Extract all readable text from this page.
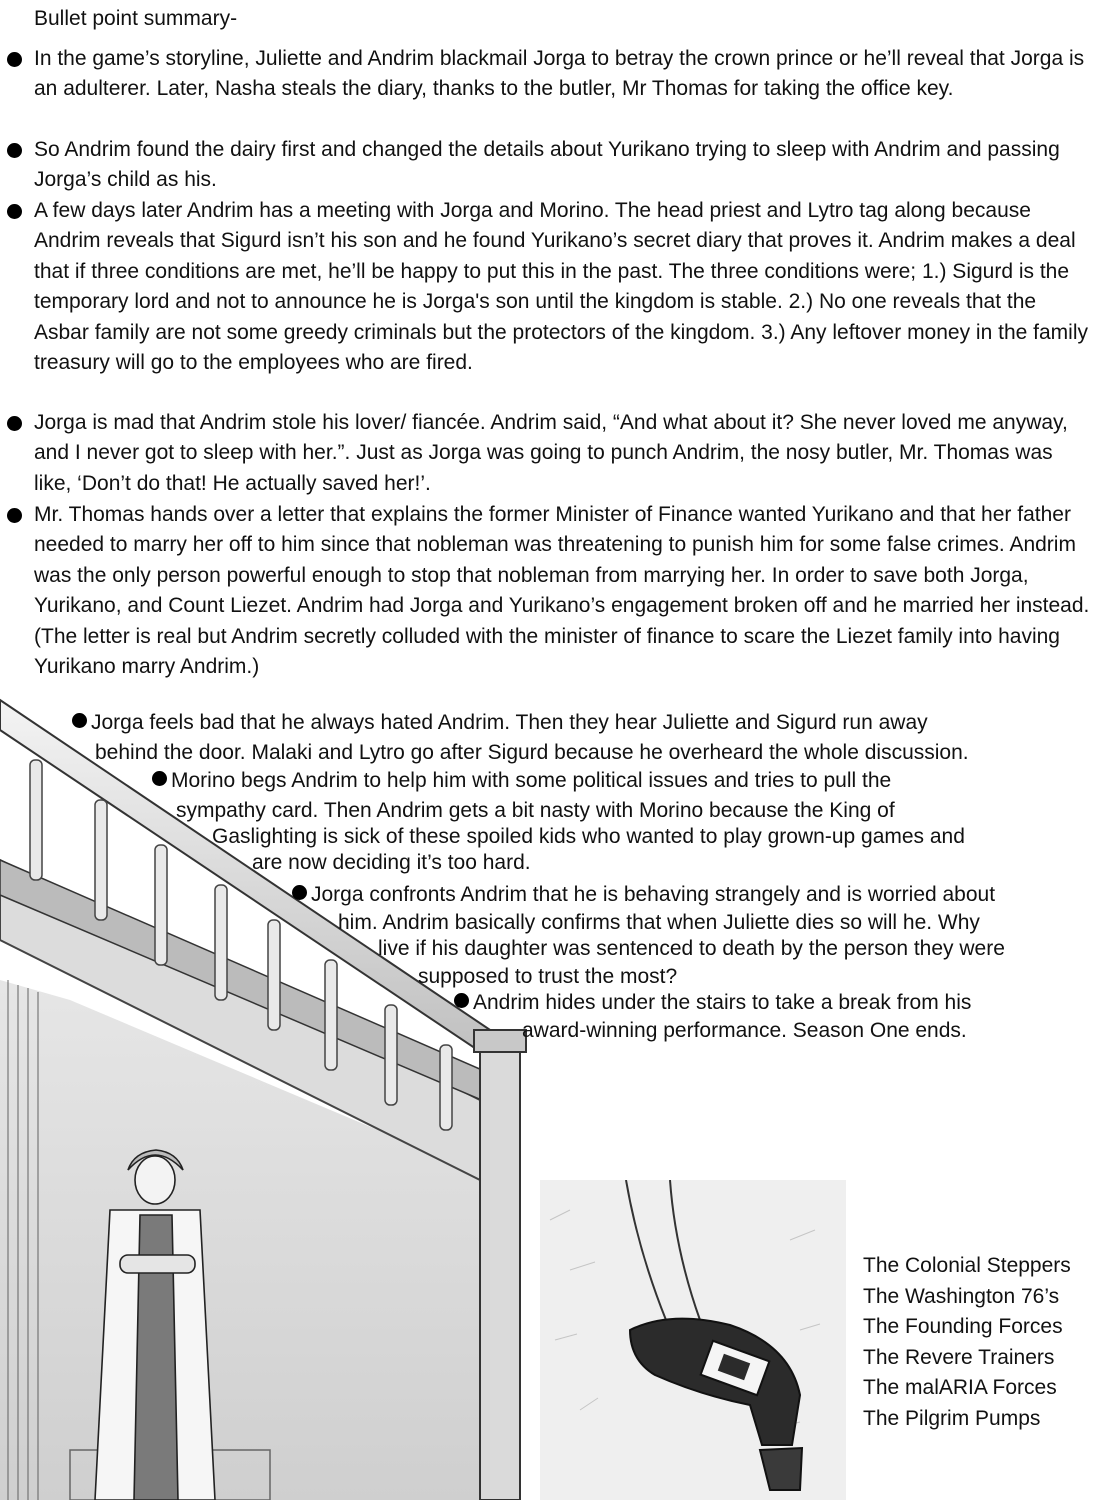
Bullet point summary-

In the game’s storyline, Juliette and Andrim blackmail Jorga to betray the crown prince or he’ll reveal that Jorga is an adulterer. Later, Nasha steals the diary, thanks to the butler, Mr Thomas for taking the office key.

So Andrim found the dairy first and changed the details about Yurikano trying to sleep with Andrim and passing Jorga’s child as his.

A few days later Andrim has a meeting with Jorga and Morino. The head priest and Lytro tag along because Andrim reveals that Sigurd isn’t his son and he found Yurikano’s secret diary that proves it. Andrim makes a deal that if three conditions are met, he’ll be happy to put this in the past. The three conditions were; 1.) Sigurd is the temporary lord and not to announce he is Jorga's son until the kingdom is stable. 2.) No one reveals that the Asbar family are not some greedy criminals but the protectors of the kingdom. 3.) Any leftover money in the family treasury will go to the employees who are fired.

Jorga is mad that Andrim stole his lover/ fiancée. Andrim said, “And what about it? She never loved me anyway, and I never got to sleep with her.”. Just as Jorga was going to punch Andrim, the nosy butler, Mr. Thomas was like, ‘Don’t do that! He actually saved her!’.

Mr. Thomas hands over a letter that explains the former Minister of Finance wanted Yurikano and that her father needed to marry her off to him since that nobleman was threatening to punish him for some false crimes. Andrim was the only person powerful enough to stop that nobleman from marrying her. In order to save both Jorga, Yurikano, and Count Liezet. Andrim had Jorga and Yurikano’s engagement broken off and he married her instead. (The letter is real but Andrim secretly colluded with the minister of finance to scare the Liezet family into having Yurikano marry Andrim.)

Jorga feels bad that he always hated Andrim. Then they hear Juliette and Sigurd run away
behind the door. Malaki and Lytro go after Sigurd because he overheard the whole discussion.
Morino begs Andrim to help him with some political issues and tries to pull the
sympathy card. Then Andrim gets a bit nasty with Morino because the King of
Gaslighting is sick of these spoiled kids who wanted to play grown-up games and
are now deciding it’s too hard.
Jorga confronts Andrim that he is behaving strangely and is worried about
him. Andrim basically confirms that when Juliette dies so will he. Why
live if his daughter was sentenced to death by the person they were
supposed to trust the most?
Andrim hides under the stairs to take a break from his
award-winning performance. Season One ends.
The Colonial Steppers
The Washington 76’s
The Founding Forces
The Revere Trainers
The malARIA Forces
The Pilgrim Pumps
